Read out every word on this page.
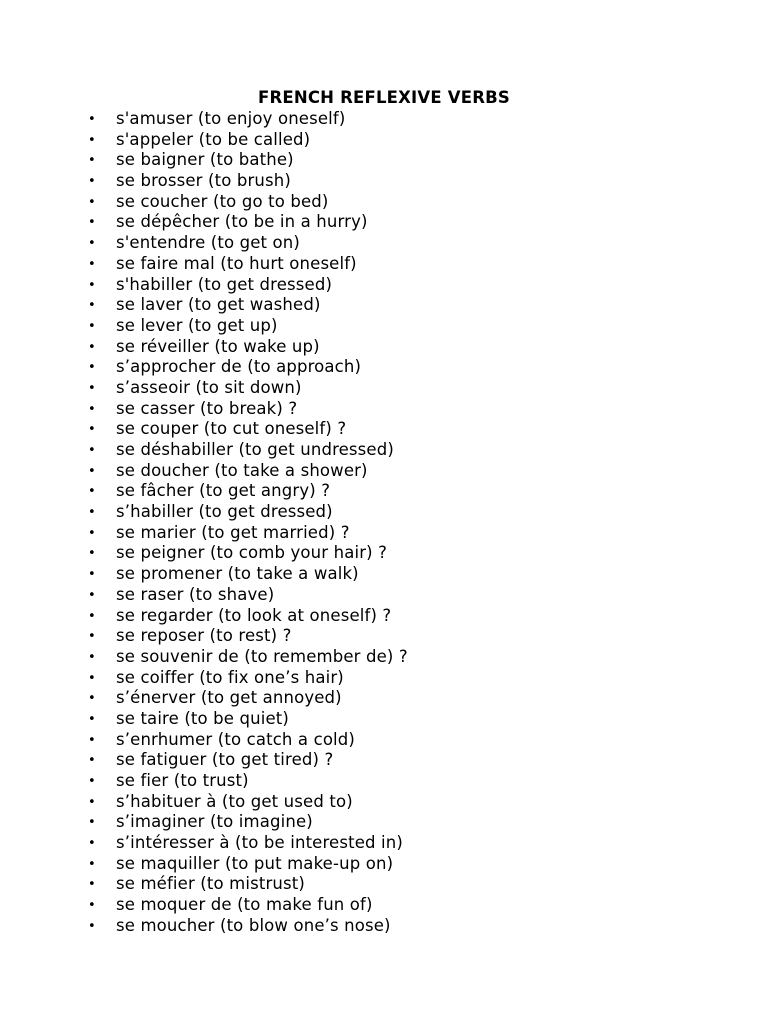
FRENCH REFLEXIVE VERBS
• s'amuser (to enjoy oneself)
• s'appeler (to be called)
• se baigner (to bathe)
• se brosser (to brush)
• se coucher (to go to bed)
• se dépêcher (to be in a hurry)
• s'entendre (to get on)
• se faire mal (to hurt oneself)
• s'habiller (to get dressed)
• se laver (to get washed)
• se lever (to get up)
• se réveiller (to wake up)
• s’approcher de (to approach)
• s’asseoir (to sit down)
• se casser (to break) ?
• se couper (to cut oneself) ?
• se déshabiller (to get undressed)
• se doucher (to take a shower)
• se fâcher (to get angry) ?
• s’habiller (to get dressed)
• se marier (to get married) ?
• se peigner (to comb your hair) ?
• se promener (to take a walk)
• se raser (to shave)
• se regarder (to look at oneself) ?
• se reposer (to rest) ?
• se souvenir de (to remember de) ?
• se coiffer (to fix one’s hair)
• s’énerver (to get annoyed)
• se taire (to be quiet)
• s’enrhumer (to catch a cold)
• se fatiguer (to get tired) ?
• se fier (to trust)
• s’habituer à (to get used to)
• s’imaginer (to imagine)
• s’intéresser à (to be interested in)
• se maquiller (to put make-up on)
• se méfier (to mistrust)
• se moquer de (to make fun of)
• se moucher (to blow one’s nose)
